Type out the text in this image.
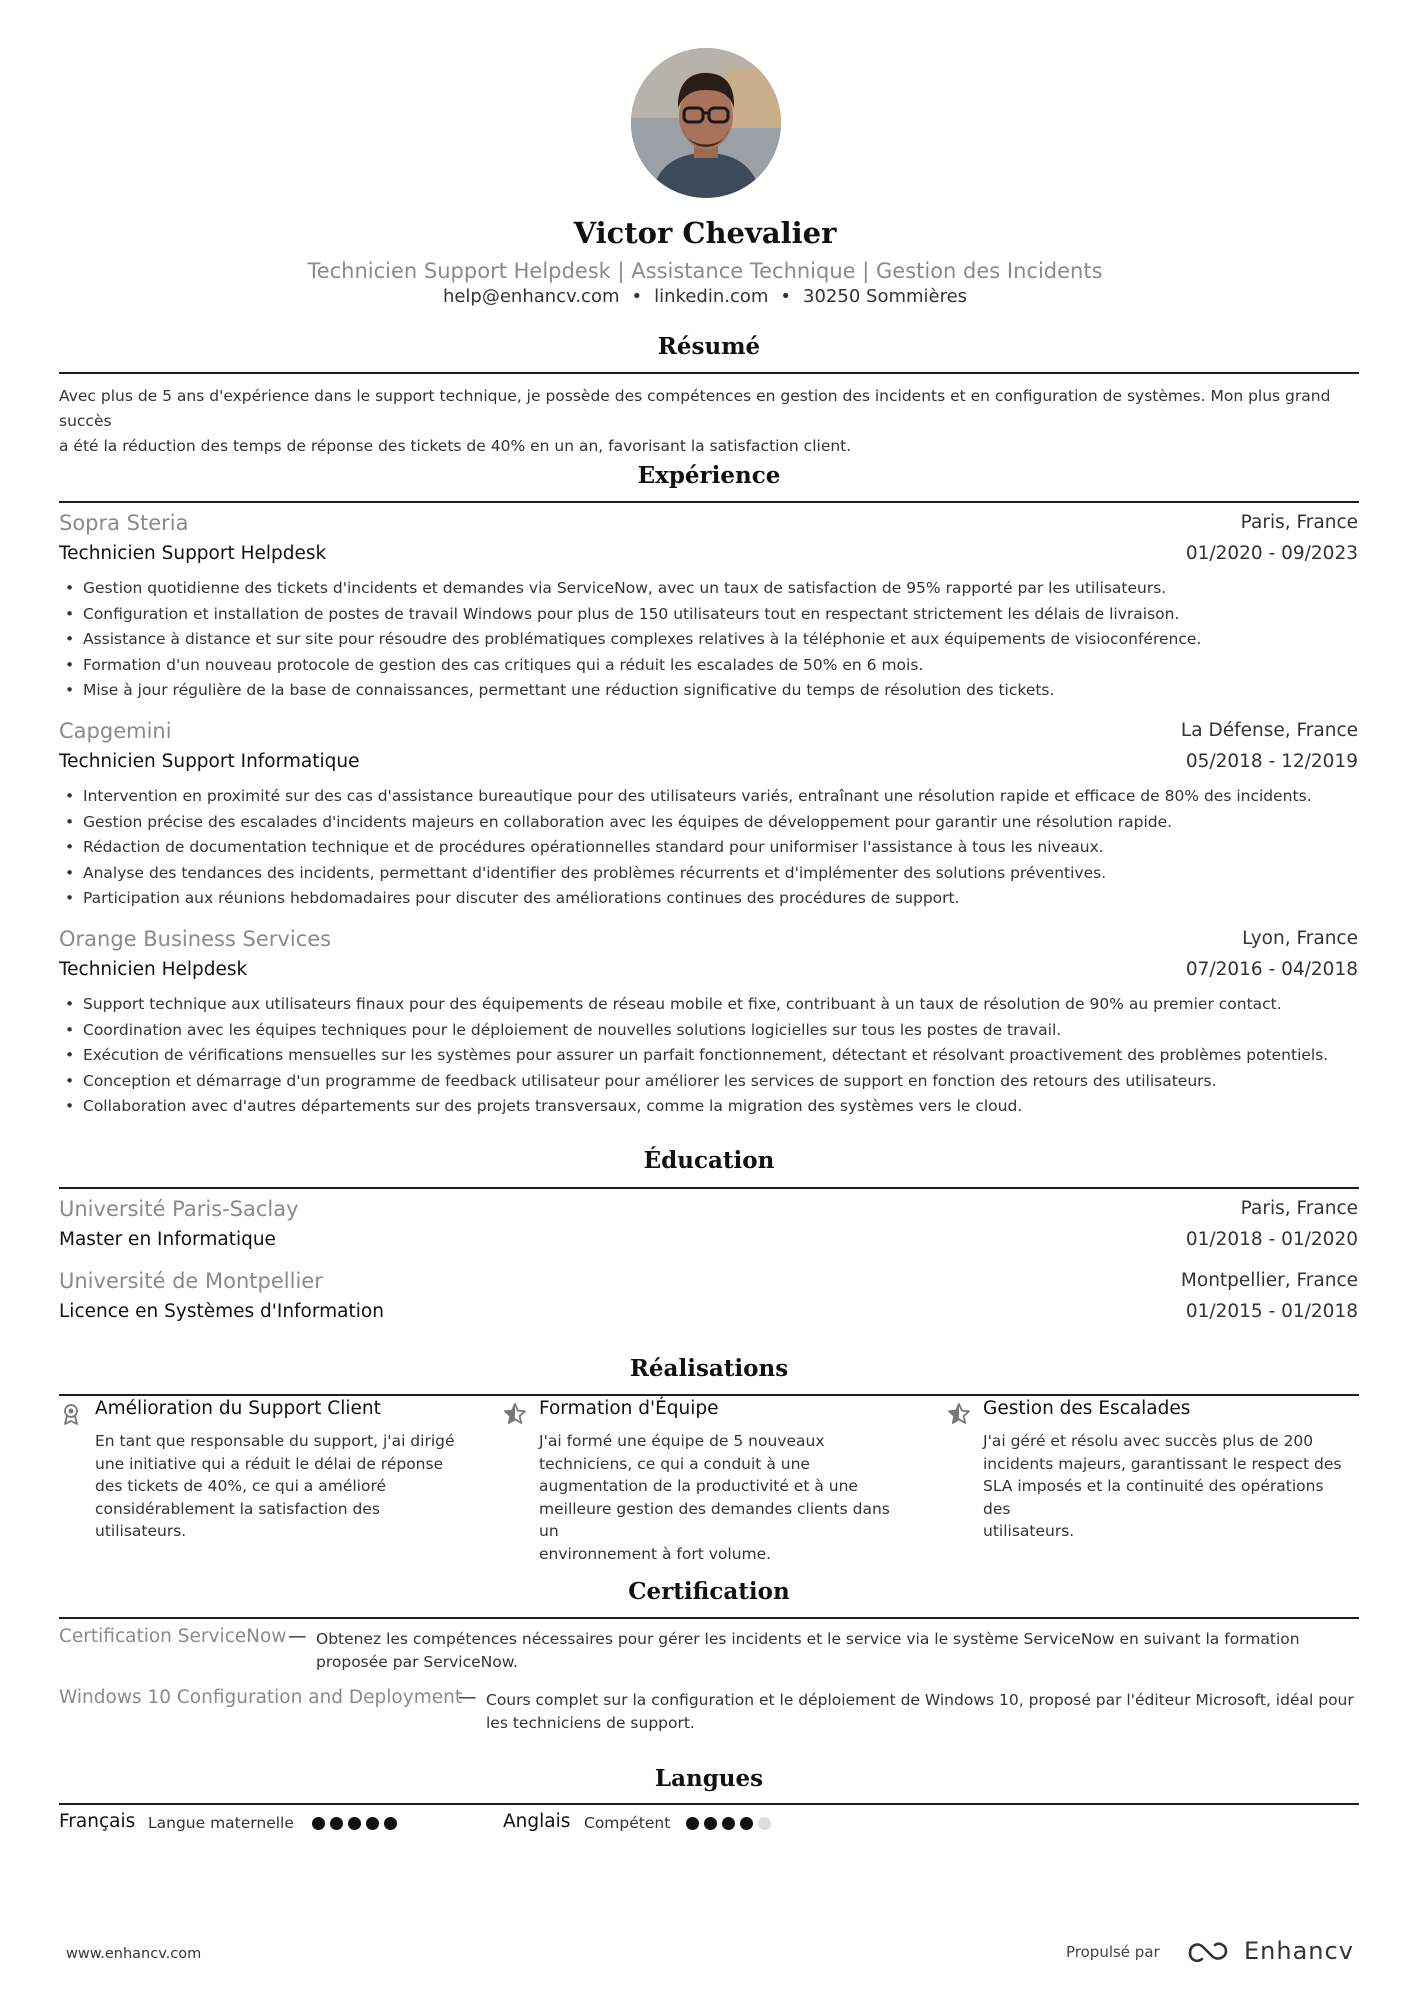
Victor Chevalier
Technicien Support Helpdesk | Assistance Technique | Gestion des Incidents
help@enhancv.com • linkedin.com • 30250 Sommières
Résumé
Avec plus de 5 ans d'expérience dans le support technique, je possède des compétences en gestion des incidents et en configuration de systèmes. Mon plus grand succès
a été la réduction des temps de réponse des tickets de 40% en un an, favorisant la satisfaction client.
Expérience
Sopra Steria	Paris, France
Technicien Support Helpdesk	01/2020 - 09/2023
• Gestion quotidienne des tickets d'incidents et demandes via ServiceNow, avec un taux de satisfaction de 95% rapporté par les utilisateurs.
• Configuration et installation de postes de travail Windows pour plus de 150 utilisateurs tout en respectant strictement les délais de livraison.
• Assistance à distance et sur site pour résoudre des problématiques complexes relatives à la téléphonie et aux équipements de visioconférence.
• Formation d'un nouveau protocole de gestion des cas critiques qui a réduit les escalades de 50% en 6 mois.
• Mise à jour régulière de la base de connaissances, permettant une réduction significative du temps de résolution des tickets.
Capgemini	La Défense, France
Technicien Support Informatique	05/2018 - 12/2019
• Intervention en proximité sur des cas d'assistance bureautique pour des utilisateurs variés, entraînant une résolution rapide et efficace de 80% des incidents.
• Gestion précise des escalades d'incidents majeurs en collaboration avec les équipes de développement pour garantir une résolution rapide.
• Rédaction de documentation technique et de procédures opérationnelles standard pour uniformiser l'assistance à tous les niveaux.
• Analyse des tendances des incidents, permettant d'identifier des problèmes récurrents et d'implémenter des solutions préventives.
• Participation aux réunions hebdomadaires pour discuter des améliorations continues des procédures de support.
Orange Business Services	Lyon, France
Technicien Helpdesk	07/2016 - 04/2018
• Support technique aux utilisateurs finaux pour des équipements de réseau mobile et fixe, contribuant à un taux de résolution de 90% au premier contact.
• Coordination avec les équipes techniques pour le déploiement de nouvelles solutions logicielles sur tous les postes de travail.
• Exécution de vérifications mensuelles sur les systèmes pour assurer un parfait fonctionnement, détectant et résolvant proactivement des problèmes potentiels.
• Conception et démarrage d'un programme de feedback utilisateur pour améliorer les services de support en fonction des retours des utilisateurs.
• Collaboration avec d'autres départements sur des projets transversaux, comme la migration des systèmes vers le cloud.
Éducation
Université Paris-Saclay	Paris, France
Master en Informatique	01/2018 - 01/2020
Université de Montpellier	Montpellier, France
Licence en Systèmes d'Information	01/2015 - 01/2018
Réalisations
Amélioration du Support Client
En tant que responsable du support, j'ai dirigé
une initiative qui a réduit le délai de réponse
des tickets de 40%, ce qui a amélioré
considérablement la satisfaction des
utilisateurs.
Formation d'Équipe
J'ai formé une équipe de 5 nouveaux
techniciens, ce qui a conduit à une
augmentation de la productivité et à une
meilleure gestion des demandes clients dans un
environnement à fort volume.
Gestion des Escalades
J'ai géré et résolu avec succès plus de 200
incidents majeurs, garantissant le respect des
SLA imposés et la continuité des opérations des
utilisateurs.
Certification
Certification ServiceNow — Obtenez les compétences nécessaires pour gérer les incidents et le service via le système ServiceNow en suivant la formation
proposée par ServiceNow.
Windows 10 Configuration and Deployment
— Cours complet sur la configuration et le déploiement de Windows 10, proposé par l'éditeur Microsoft, idéal pour
les techniciens de support.
Langues
Français Langue maternelle	Anglais Compétent
www.enhancv.com	Propulsé par	Enhancv
